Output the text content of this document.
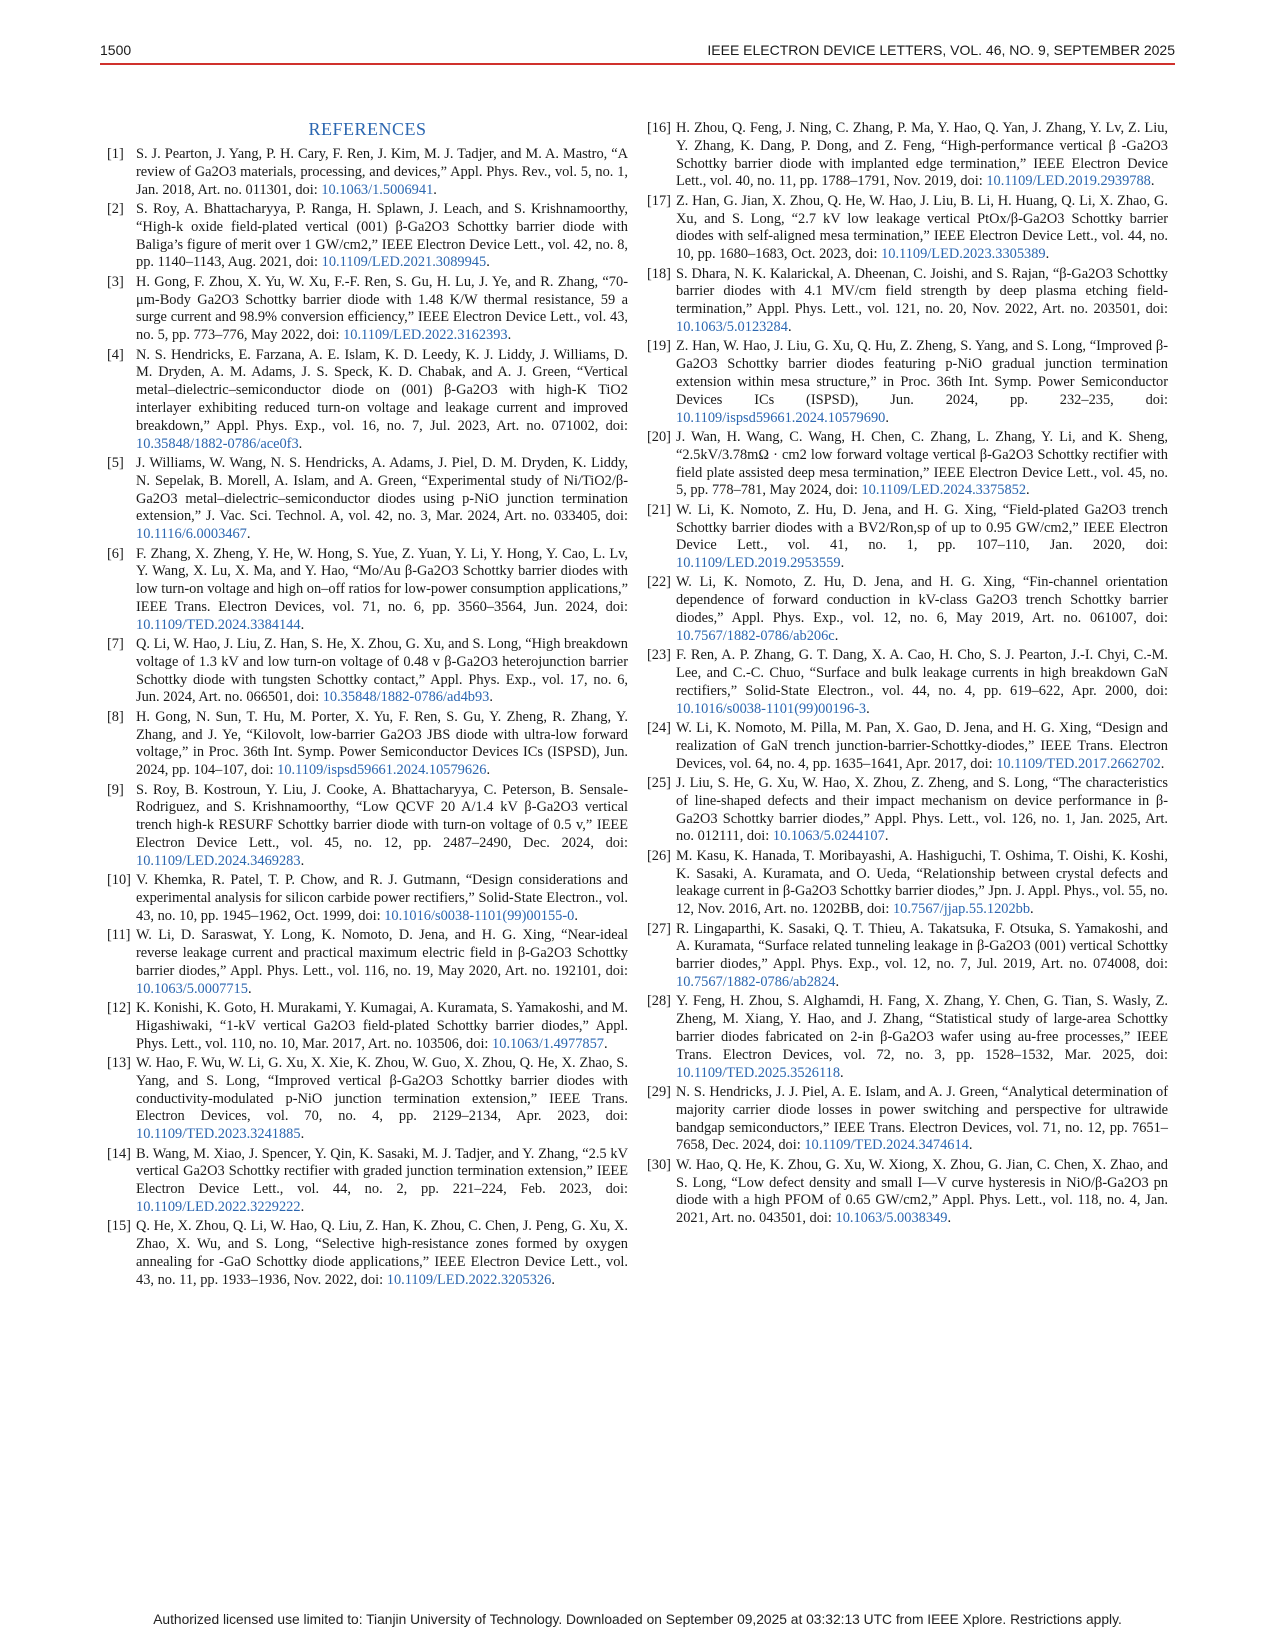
1500	IEEE ELECTRON DEVICE LETTERS, VOL. 46, NO. 9, SEPTEMBER 2025
REFERENCES
[1] S. J. Pearton, J. Yang, P. H. Cary, F. Ren, J. Kim, M. J. Tadjer, and M. A. Mastro, “A review of Ga2O3 materials, processing, and devices,” Appl. Phys. Rev., vol. 5, no. 1, Jan. 2018, Art. no. 011301, doi: 10.1063/1.5006941.
[2] S. Roy, A. Bhattacharyya, P. Ranga, H. Splawn, J. Leach, and S. Krishnamoorthy, “High-k oxide field-plated vertical (001) β-Ga2O3 Schottky barrier diode with Baliga’s figure of merit over 1 GW/cm2,” IEEE Electron Device Lett., vol. 42, no. 8, pp. 1140–1143, Aug. 2021, doi: 10.1109/LED.2021.3089945.
[3] H. Gong, F. Zhou, X. Yu, W. Xu, F.-F. Ren, S. Gu, H. Lu, J. Ye, and R. Zhang, “70-μm-Body Ga2O3 Schottky barrier diode with 1.48 K/W thermal resistance, 59 a surge current and 98.9% conversion efficiency,” IEEE Electron Device Lett., vol. 43, no. 5, pp. 773–776, May 2022, doi: 10.1109/LED.2022.3162393.
[4] N. S. Hendricks, E. Farzana, A. E. Islam, K. D. Leedy, K. J. Liddy, J. Williams, D. M. Dryden, A. M. Adams, J. S. Speck, K. D. Chabak, and A. J. Green, “Vertical metal–dielectric–semiconductor diode on (001) β-Ga2O3 with high-K TiO2 interlayer exhibiting reduced turn-on voltage and leakage current and improved breakdown,” Appl. Phys. Exp., vol. 16, no. 7, Jul. 2023, Art. no. 071002, doi: 10.35848/1882-0786/ace0f3.
[5] J. Williams, W. Wang, N. S. Hendricks, A. Adams, J. Piel, D. M. Dryden, K. Liddy, N. Sepelak, B. Morell, A. Islam, and A. Green, “Experimental study of Ni/TiO2/β-Ga2O3 metal–dielectric–semiconductor diodes using p-NiO junction termination extension,” J. Vac. Sci. Technol. A, vol. 42, no. 3, Mar. 2024, Art. no. 033405, doi: 10.1116/6.0003467.
[6] F. Zhang, X. Zheng, Y. He, W. Hong, S. Yue, Z. Yuan, Y. Li, Y. Hong, Y. Cao, L. Lv, Y. Wang, X. Lu, X. Ma, and Y. Hao, “Mo/Au β-Ga2O3 Schottky barrier diodes with low turn-on voltage and high on–off ratios for low-power consumption applications,” IEEE Trans. Electron Devices, vol. 71, no. 6, pp. 3560–3564, Jun. 2024, doi: 10.1109/TED.2024.3384144.
[7] Q. Li, W. Hao, J. Liu, Z. Han, S. He, X. Zhou, G. Xu, and S. Long, “High breakdown voltage of 1.3 kV and low turn-on voltage of 0.48 v β-Ga2O3 heterojunction barrier Schottky diode with tungsten Schottky contact,” Appl. Phys. Exp., vol. 17, no. 6, Jun. 2024, Art. no. 066501, doi: 10.35848/1882-0786/ad4b93.
[8] H. Gong, N. Sun, T. Hu, M. Porter, X. Yu, F. Ren, S. Gu, Y. Zheng, R. Zhang, Y. Zhang, and J. Ye, “Kilovolt, low-barrier Ga2O3 JBS diode with ultra-low forward voltage,” in Proc. 36th Int. Symp. Power Semiconductor Devices ICs (ISPSD), Jun. 2024, pp. 104–107, doi: 10.1109/ispsd59661.2024.10579626.
[9] S. Roy, B. Kostroun, Y. Liu, J. Cooke, A. Bhattacharyya, C. Peterson, B. Sensale-Rodriguez, and S. Krishnamoorthy, “Low QCVF 20 A/1.4 kV β-Ga2O3 vertical trench high-k RESURF Schottky barrier diode with turn-on voltage of 0.5 v,” IEEE Electron Device Lett., vol. 45, no. 12, pp. 2487–2490, Dec. 2024, doi: 10.1109/LED.2024.3469283.
[10] V. Khemka, R. Patel, T. P. Chow, and R. J. Gutmann, “Design considerations and experimental analysis for silicon carbide power rectifiers,” Solid-State Electron., vol. 43, no. 10, pp. 1945–1962, Oct. 1999, doi: 10.1016/s0038-1101(99)00155-0.
[11] W. Li, D. Saraswat, Y. Long, K. Nomoto, D. Jena, and H. G. Xing, “Near-ideal reverse leakage current and practical maximum electric field in β-Ga2O3 Schottky barrier diodes,” Appl. Phys. Lett., vol. 116, no. 19, May 2020, Art. no. 192101, doi: 10.1063/5.0007715.
[12] K. Konishi, K. Goto, H. Murakami, Y. Kumagai, A. Kuramata, S. Yamakoshi, and M. Higashiwaki, “1-kV vertical Ga2O3 field-plated Schottky barrier diodes,” Appl. Phys. Lett., vol. 110, no. 10, Mar. 2017, Art. no. 103506, doi: 10.1063/1.4977857.
[13] W. Hao, F. Wu, W. Li, G. Xu, X. Xie, K. Zhou, W. Guo, X. Zhou, Q. He, X. Zhao, S. Yang, and S. Long, “Improved vertical β-Ga2O3 Schottky barrier diodes with conductivity-modulated p-NiO junction termination extension,” IEEE Trans. Electron Devices, vol. 70, no. 4, pp. 2129–2134, Apr. 2023, doi: 10.1109/TED.2023.3241885.
[14] B. Wang, M. Xiao, J. Spencer, Y. Qin, K. Sasaki, M. J. Tadjer, and Y. Zhang, “2.5 kV vertical Ga2O3 Schottky rectifier with graded junction termination extension,” IEEE Electron Device Lett., vol. 44, no. 2, pp. 221–224, Feb. 2023, doi: 10.1109/LED.2022.3229222.
[15] Q. He, X. Zhou, Q. Li, W. Hao, Q. Liu, Z. Han, K. Zhou, C. Chen, J. Peng, G. Xu, X. Zhao, X. Wu, and S. Long, “Selective high-resistance zones formed by oxygen annealing for -GaO Schottky diode applications,” IEEE Electron Device Lett., vol. 43, no. 11, pp. 1933–1936, Nov. 2022, doi: 10.1109/LED.2022.3205326.
[16] H. Zhou, Q. Feng, J. Ning, C. Zhang, P. Ma, Y. Hao, Q. Yan, J. Zhang, Y. Lv, Z. Liu, Y. Zhang, K. Dang, P. Dong, and Z. Feng, “High-performance vertical β -Ga2O3 Schottky barrier diode with implanted edge termination,” IEEE Electron Device Lett., vol. 40, no. 11, pp. 1788–1791, Nov. 2019, doi: 10.1109/LED.2019.2939788.
[17] Z. Han, G. Jian, X. Zhou, Q. He, W. Hao, J. Liu, B. Li, H. Huang, Q. Li, X. Zhao, G. Xu, and S. Long, “2.7 kV low leakage vertical PtOx/β-Ga2O3 Schottky barrier diodes with self-aligned mesa termination,” IEEE Electron Device Lett., vol. 44, no. 10, pp. 1680–1683, Oct. 2023, doi: 10.1109/LED.2023.3305389.
[18] S. Dhara, N. K. Kalarickal, A. Dheenan, C. Joishi, and S. Rajan, “β-Ga2O3 Schottky barrier diodes with 4.1 MV/cm field strength by deep plasma etching field-termination,” Appl. Phys. Lett., vol. 121, no. 20, Nov. 2022, Art. no. 203501, doi: 10.1063/5.0123284.
[19] Z. Han, W. Hao, J. Liu, G. Xu, Q. Hu, Z. Zheng, S. Yang, and S. Long, “Improved β-Ga2O3 Schottky barrier diodes featuring p-NiO gradual junction termination extension within mesa structure,” in Proc. 36th Int. Symp. Power Semiconductor Devices ICs (ISPSD), Jun. 2024, pp. 232–235, doi: 10.1109/ispsd59661.2024.10579690.
[20] J. Wan, H. Wang, C. Wang, H. Chen, C. Zhang, L. Zhang, Y. Li, and K. Sheng, “2.5kV/3.78mΩ · cm2 low forward voltage vertical β-Ga2O3 Schottky rectifier with field plate assisted deep mesa termination,” IEEE Electron Device Lett., vol. 45, no. 5, pp. 778–781, May 2024, doi: 10.1109/LED.2024.3375852.
[21] W. Li, K. Nomoto, Z. Hu, D. Jena, and H. G. Xing, “Field-plated Ga2O3 trench Schottky barrier diodes with a BV2/Ron,sp of up to 0.95 GW/cm2,” IEEE Electron Device Lett., vol. 41, no. 1, pp. 107–110, Jan. 2020, doi: 10.1109/LED.2019.2953559.
[22] W. Li, K. Nomoto, Z. Hu, D. Jena, and H. G. Xing, “Fin-channel orientation dependence of forward conduction in kV-class Ga2O3 trench Schottky barrier diodes,” Appl. Phys. Exp., vol. 12, no. 6, May 2019, Art. no. 061007, doi: 10.7567/1882-0786/ab206c.
[23] F. Ren, A. P. Zhang, G. T. Dang, X. A. Cao, H. Cho, S. J. Pearton, J.-I. Chyi, C.-M. Lee, and C.-C. Chuo, “Surface and bulk leakage currents in high breakdown GaN rectifiers,” Solid-State Electron., vol. 44, no. 4, pp. 619–622, Apr. 2000, doi: 10.1016/s0038-1101(99)00196-3.
[24] W. Li, K. Nomoto, M. Pilla, M. Pan, X. Gao, D. Jena, and H. G. Xing, “Design and realization of GaN trench junction-barrier-Schottky-diodes,” IEEE Trans. Electron Devices, vol. 64, no. 4, pp. 1635–1641, Apr. 2017, doi: 10.1109/TED.2017.2662702.
[25] J. Liu, S. He, G. Xu, W. Hao, X. Zhou, Z. Zheng, and S. Long, “The characteristics of line-shaped defects and their impact mechanism on device performance in β-Ga2O3 Schottky barrier diodes,” Appl. Phys. Lett., vol. 126, no. 1, Jan. 2025, Art. no. 012111, doi: 10.1063/5.0244107.
[26] M. Kasu, K. Hanada, T. Moribayashi, A. Hashiguchi, T. Oshima, T. Oishi, K. Koshi, K. Sasaki, A. Kuramata, and O. Ueda, “Relationship between crystal defects and leakage current in β-Ga2O3 Schottky barrier diodes,” Jpn. J. Appl. Phys., vol. 55, no. 12, Nov. 2016, Art. no. 1202BB, doi: 10.7567/jjap.55.1202bb.
[27] R. Lingaparthi, K. Sasaki, Q. T. Thieu, A. Takatsuka, F. Otsuka, S. Yamakoshi, and A. Kuramata, “Surface related tunneling leakage in β-Ga2O3 (001) vertical Schottky barrier diodes,” Appl. Phys. Exp., vol. 12, no. 7, Jul. 2019, Art. no. 074008, doi: 10.7567/1882-0786/ab2824.
[28] Y. Feng, H. Zhou, S. Alghamdi, H. Fang, X. Zhang, Y. Chen, G. Tian, S. Wasly, Z. Zheng, M. Xiang, Y. Hao, and J. Zhang, “Statistical study of large-area Schottky barrier diodes fabricated on 2-in β-Ga2O3 wafer using au-free processes,” IEEE Trans. Electron Devices, vol. 72, no. 3, pp. 1528–1532, Mar. 2025, doi: 10.1109/TED.2025.3526118.
[29] N. S. Hendricks, J. J. Piel, A. E. Islam, and A. J. Green, “Analytical determination of majority carrier diode losses in power switching and perspective for ultrawide bandgap semiconductors,” IEEE Trans. Electron Devices, vol. 71, no. 12, pp. 7651–7658, Dec. 2024, doi: 10.1109/TED.2024.3474614.
[30] W. Hao, Q. He, K. Zhou, G. Xu, W. Xiong, X. Zhou, G. Jian, C. Chen, X. Zhao, and S. Long, “Low defect density and small I—V curve hysteresis in NiO/β-Ga2O3 pn diode with a high PFOM of 0.65 GW/cm2,” Appl. Phys. Lett., vol. 118, no. 4, Jan. 2021, Art. no. 043501, doi: 10.1063/5.0038349.
Authorized licensed use limited to: Tianjin University of Technology. Downloaded on September 09,2025 at 03:32:13 UTC from IEEE Xplore. Restrictions apply.
